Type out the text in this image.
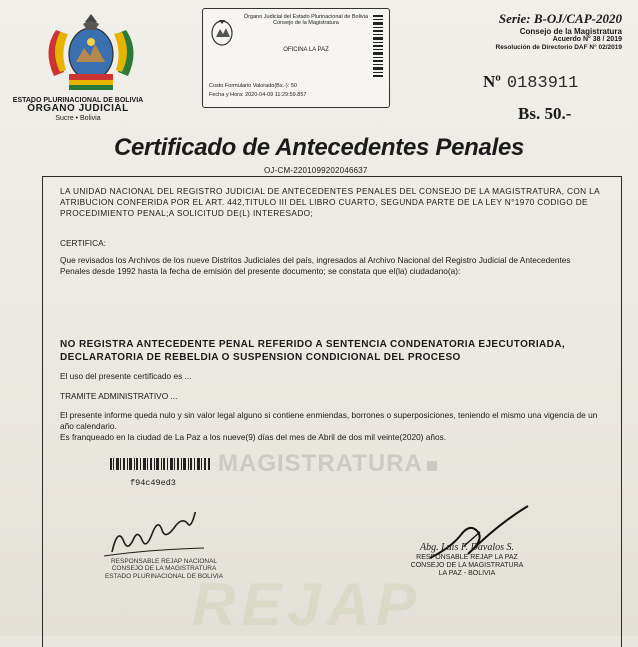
ESTADO PLURINACIONAL DE BOLIVIA
ÓRGANO JUDICIAL
Sucre • Bolivia
Órgano Judicial del Estado Plurinacional de Bolivia
Consejo de la Magistratura
OFICINA LA PAZ
Costo Formulario Valorado(Bs.-): 50
Fecha y Hora: 2020-04-09 11:29:59.857
Serie: B-OJ/CAP-2020
Consejo de la Magistratura
Acuerdo N° 38 / 2019
Resolución de Directorio DAF N° 02/2019
Nº 0183911
Bs. 50.-
Certificado de Antecedentes Penales
OJ-CM-2201099202046637
LA UNIDAD NACIONAL DEL REGISTRO JUDICIAL DE ANTECEDENTES PENALES DEL CONSEJO DE LA MAGISTRATURA, CON LA ATRIBUCION CONFERIDA POR EL ART. 442,TITULO III DEL LIBRO CUARTO, SEGUNDA PARTE DE LA LEY N°1970 CODIGO DE PROCEDIMIENTO PENAL;A SOLICITUD DE(L) INTERESADO;
CERTIFICA:
Que revisados los Archivos de los nueve Distritos Judiciales del país, ingresados al Archivo Nacional del Registro Judicial de Antecedentes Penales desde 1992 hasta la fecha de emisión del presente documento; se constata que el(la) ciudadano(a):
NO REGISTRA ANTECEDENTE PENAL REFERIDO A SENTENCIA CONDENATORIA EJECUTORIADA, DECLARATORIA DE REBELDIA O SUSPENSION CONDICIONAL DEL PROCESO
El uso del presente certificado es ...
TRAMITE ADMINISTRATIVO ...
El presente informe queda nulo y sin valor legal alguno si contiene enmiendas, borrones o superposiciones, teniendo el mismo una vigencia de un año calendario.
Es franqueado en la ciudad de La Paz a los nueve(9) días del mes de Abril de dos mil veinte(2020) años.
f94c49ed3
MAGISTRATURA
REJAP
RESPONSABLE REJAP NACIONAL
CONSEJO DE LA MAGISTRATURA
ESTADO PLURINACIONAL DE BOLIVIA
Abg. Luis F. Davalos S.
RESPONSABLE REJAP LA PAZ
CONSEJO DE LA MAGISTRATURA
LA PAZ - BOLIVIA
